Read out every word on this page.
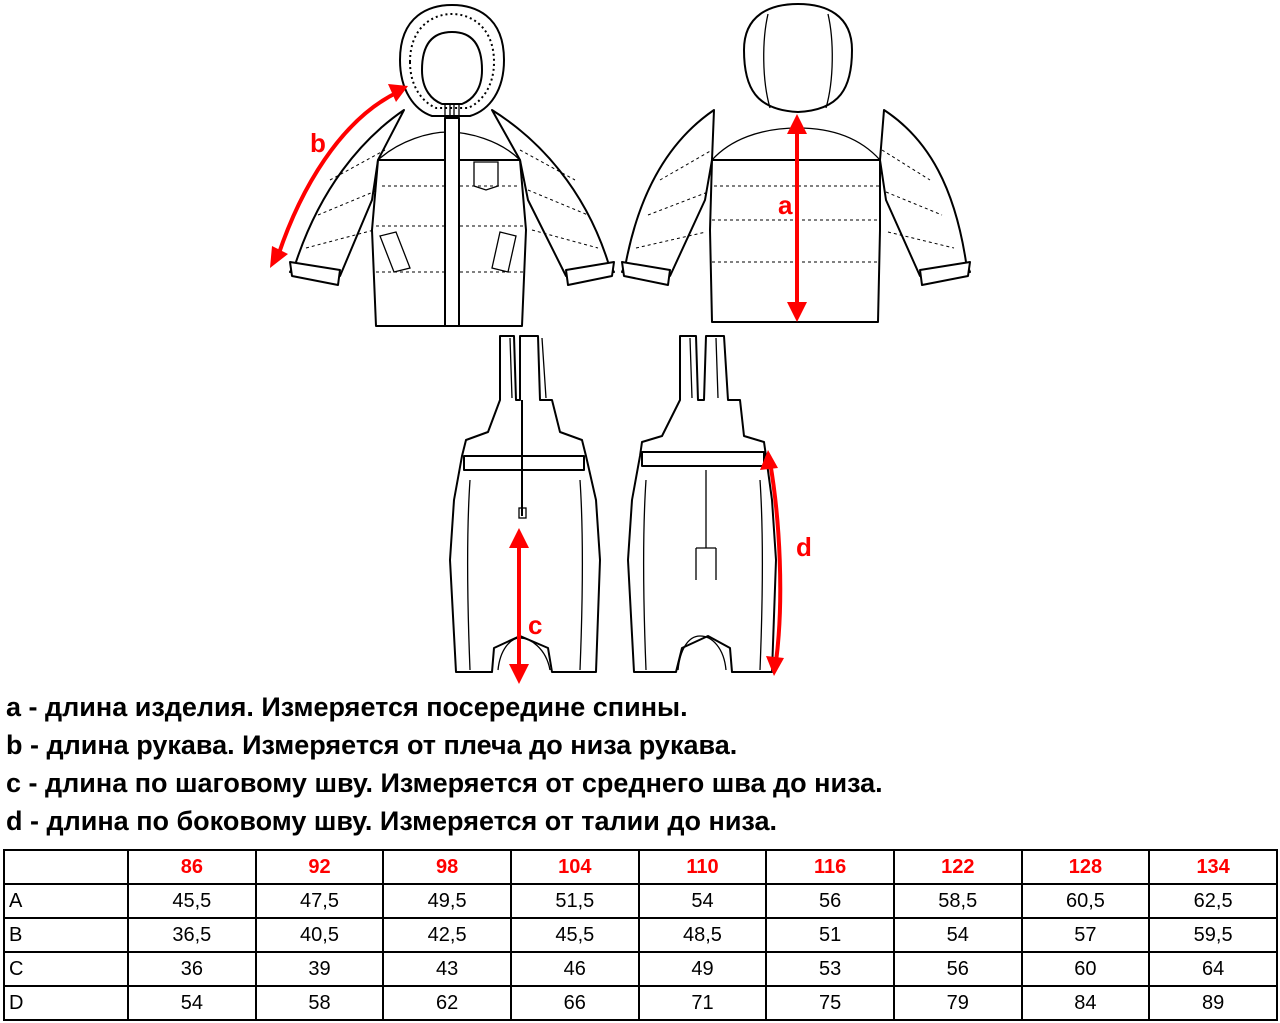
b
a
c
d
a - длина изделия. Измеряется посередине спины.
b - длина рукава. Измеряется от плеча до низа рукава.
c - длина по шаговому шву. Измеряется от среднего шва до низа.
d - длина по боковому шву. Измеряется от талии до низа.
	86	92	98	104	110	116	122	128	134
A	45,5	47,5	49,5	51,5	54	56	58,5	60,5	62,5
B	36,5	40,5	42,5	45,5	48,5	51	54	57	59,5
C	36	39	43	46	49	53	56	60	64
D	54	58	62	66	71	75	79	84	89
